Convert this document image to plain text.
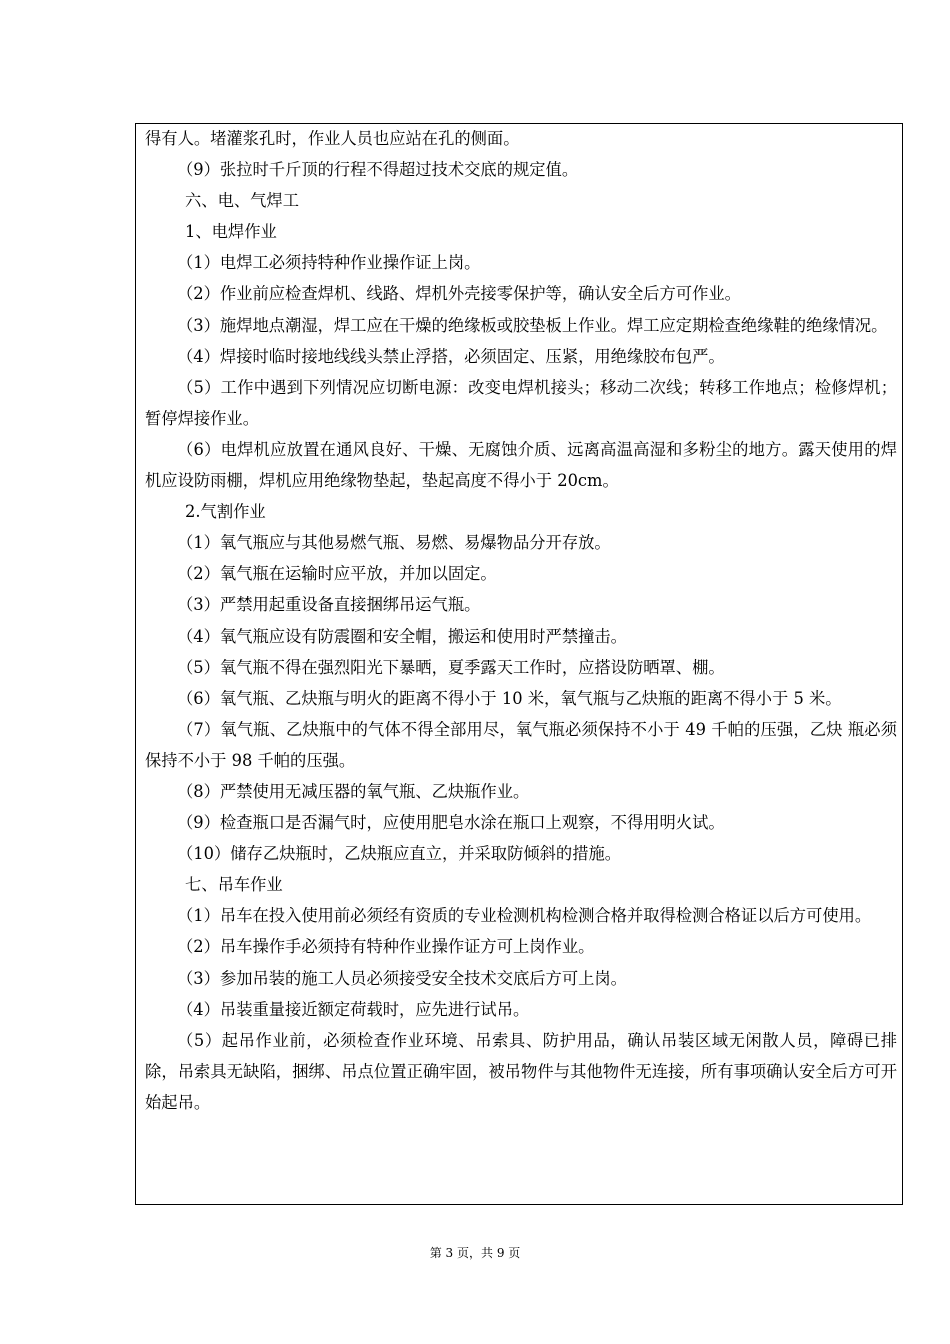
得有人。堵灌浆孔时，作业人员也应站在孔的侧面。

（9）张拉时千斤顶的行程不得超过技术交底的规定值。

六、电、气焊工

1、电焊作业

（1）电焊工必须持特种作业操作证上岗。

（2）作业前应检查焊机、线路、焊机外壳接零保护等，确认安全后方可作业。

（3）施焊地点潮湿，焊工应在干燥的绝缘板或胶垫板上作业。焊工应定期检查绝缘鞋的绝缘情况。

（4）焊接时临时接地线线头禁止浮搭，必须固定、压紧，用绝缘胶布包严。

（5）工作中遇到下列情况应切断电源：改变电焊机接头；移动二次线；转移工作地点；检修焊机；暂停焊接作业。

（6）电焊机应放置在通风良好、干燥、无腐蚀介质、远离高温高湿和多粉尘的地方。露天使用的焊机应设防雨棚，焊机应用绝缘物垫起，垫起高度不得小于 20cm。

2.气割作业

（1）氧气瓶应与其他易燃气瓶、易燃、易爆物品分开存放。

（2）氧气瓶在运输时应平放，并加以固定。

（3）严禁用起重设备直接捆绑吊运气瓶。

（4）氧气瓶应设有防震圈和安全帽，搬运和使用时严禁撞击。

（5）氧气瓶不得在强烈阳光下暴晒，夏季露天工作时，应搭设防晒罩、棚。

（6）氧气瓶、乙炔瓶与明火的距离不得小于 10 米，氧气瓶与乙炔瓶的距离不得小于 5 米。

（7）氧气瓶、乙炔瓶中的气体不得全部用尽，氧气瓶必须保持不小于 49 千帕的压强，乙炔 瓶必须保持不小于 98 千帕的压强。

（8）严禁使用无减压器的氧气瓶、乙炔瓶作业。

（9）检查瓶口是否漏气时，应使用肥皂水涂在瓶口上观察，不得用明火试。

（10）储存乙炔瓶时，乙炔瓶应直立，并采取防倾斜的措施。

七、吊车作业

（1）吊车在投入使用前必须经有资质的专业检测机构检测合格并取得检测合格证以后方可使用。

（2）吊车操作手必须持有特种作业操作证方可上岗作业。

（3）参加吊装的施工人员必须接受安全技术交底后方可上岗。

（4）吊装重量接近额定荷载时，应先进行试吊。

（5）起吊作业前，必须检查作业环境、吊索具、防护用品，确认吊装区域无闲散人员，障碍已排除，吊索具无缺陷，捆绑、吊点位置正确牢固，被吊物件与其他物件无连接，所有事项确认安全后方可开始起吊。

第 3 页，共 9 页
